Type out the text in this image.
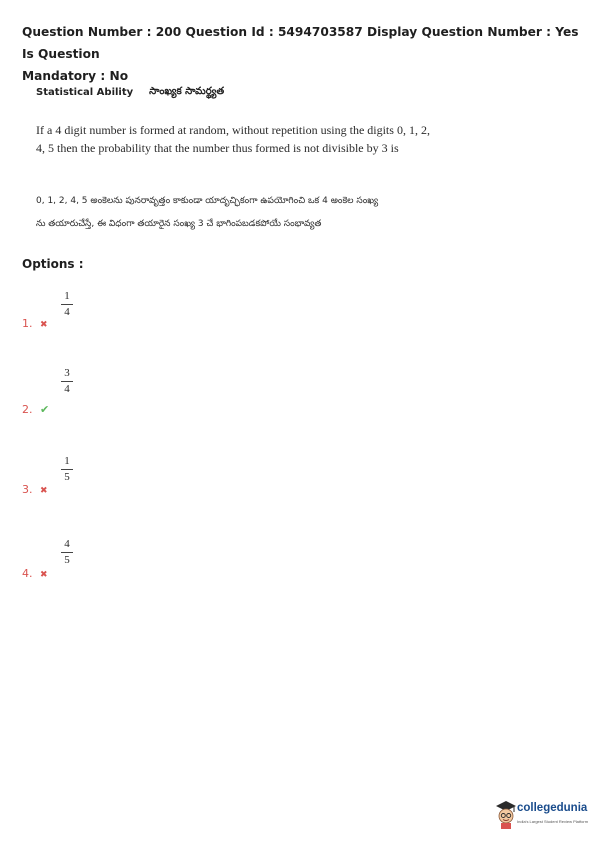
Question Number : 200 Question Id : 5494703587 Display Question Number : Yes Is Question
Mandatory : No
Statistical Ability సాంఖ్యక సామర్థ్యత
If a 4 digit number is formed at random, without repetition using the digits 0, 1, 2,
4, 5 then the probability that the number thus formed is not divisible by 3 is
0, 1, 2, 4, 5 అంకెలను పునరావృత్తం కాకుండా యాదృచ్ఛికంగా ఉపయోగించి ఒక 4 అంకెల సంఖ్య
ను తయారుచేస్తే, ఈ విధంగా తయారైన సంఖ్య 3 చే భాగింపబడకపోయే సంభావ్యత
Options :
1
4
1. ✖
3
4
2. ✔
1
5
3. ✖
4
5
4. ✖
collegedunia
India's Largest Student Review Platform
